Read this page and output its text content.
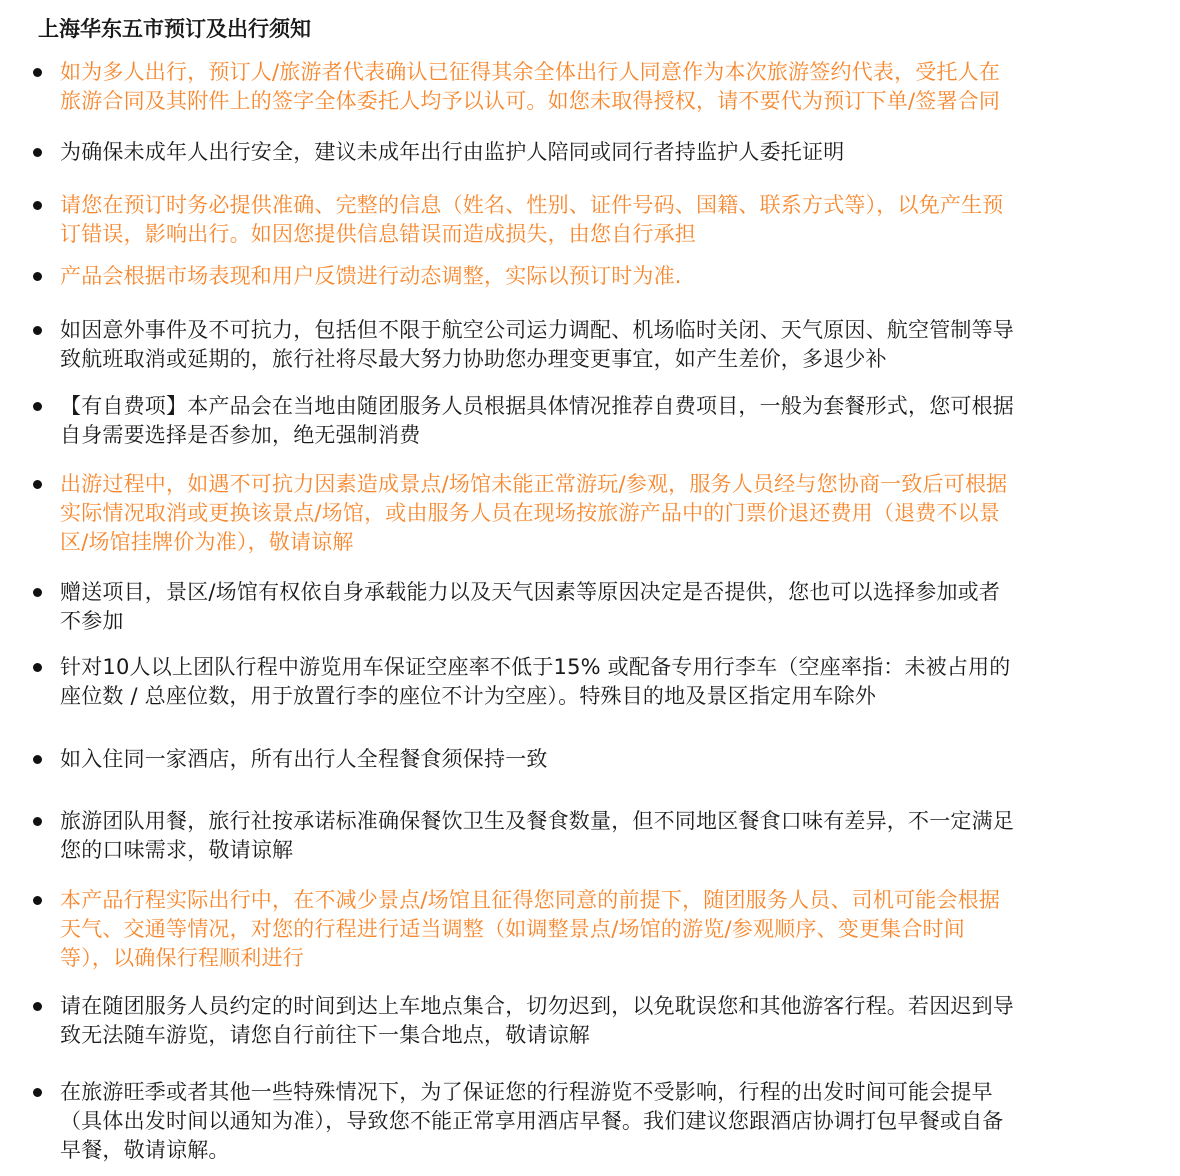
上海华东五市预订及出行须知
如为多人出行，预订人/旅游者代表确认已征得其余全体出行人同意作为本次旅游签约代表，受托人在
旅游合同及其附件上的签字全体委托人均予以认可。如您未取得授权，请不要代为预订下单/签署合同
为确保未成年人出行安全，建议未成年出行由监护人陪同或同行者持监护人委托证明
请您在预订时务必提供准确、完整的信息（姓名、性别、证件号码、国籍、联系方式等），以免产生预
订错误，影响出行。如因您提供信息错误而造成损失，由您自行承担
产品会根据市场表现和用户反馈进行动态调整，实际以预订时为准.
如因意外事件及不可抗力，包括但不限于航空公司运力调配、机场临时关闭、天气原因、航空管制等导
致航班取消或延期的，旅行社将尽最大努力协助您办理变更事宜，如产生差价，多退少补
【有自费项】本产品会在当地由随团服务人员根据具体情况推荐自费项目，一般为套餐形式，您可根据
自身需要选择是否参加，绝无强制消费
出游过程中，如遇不可抗力因素造成景点/场馆未能正常游玩/参观，服务人员经与您协商一致后可根据
实际情况取消或更换该景点/场馆，或由服务人员在现场按旅游产品中的门票价退还费用（退费不以景
区/场馆挂牌价为准），敬请谅解
赠送项目，景区/场馆有权依自身承载能力以及天气因素等原因决定是否提供，您也可以选择参加或者
不参加
针对10人以上团队行程中游览用车保证空座率不低于15% 或配备专用行李车（空座率指：未被占用的
座位数 / 总座位数，用于放置行李的座位不计为空座）。特殊目的地及景区指定用车除外
如入住同一家酒店，所有出行人全程餐食须保持一致
旅游团队用餐，旅行社按承诺标准确保餐饮卫生及餐食数量，但不同地区餐食口味有差异，不一定满足
您的口味需求，敬请谅解
本产品行程实际出行中，在不减少景点/场馆且征得您同意的前提下，随团服务人员、司机可能会根据
天气、交通等情况，对您的行程进行适当调整（如调整景点/场馆的游览/参观顺序、变更集合时间
等），以确保行程顺利进行
请在随团服务人员约定的时间到达上车地点集合，切勿迟到，以免耽误您和其他游客行程。若因迟到导
致无法随车游览，请您自行前往下一集合地点，敬请谅解
在旅游旺季或者其他一些特殊情况下，为了保证您的行程游览不受影响，行程的出发时间可能会提早
（具体出发时间以通知为准），导致您不能正常享用酒店早餐。我们建议您跟酒店协调打包早餐或自备
早餐，敬请谅解。
